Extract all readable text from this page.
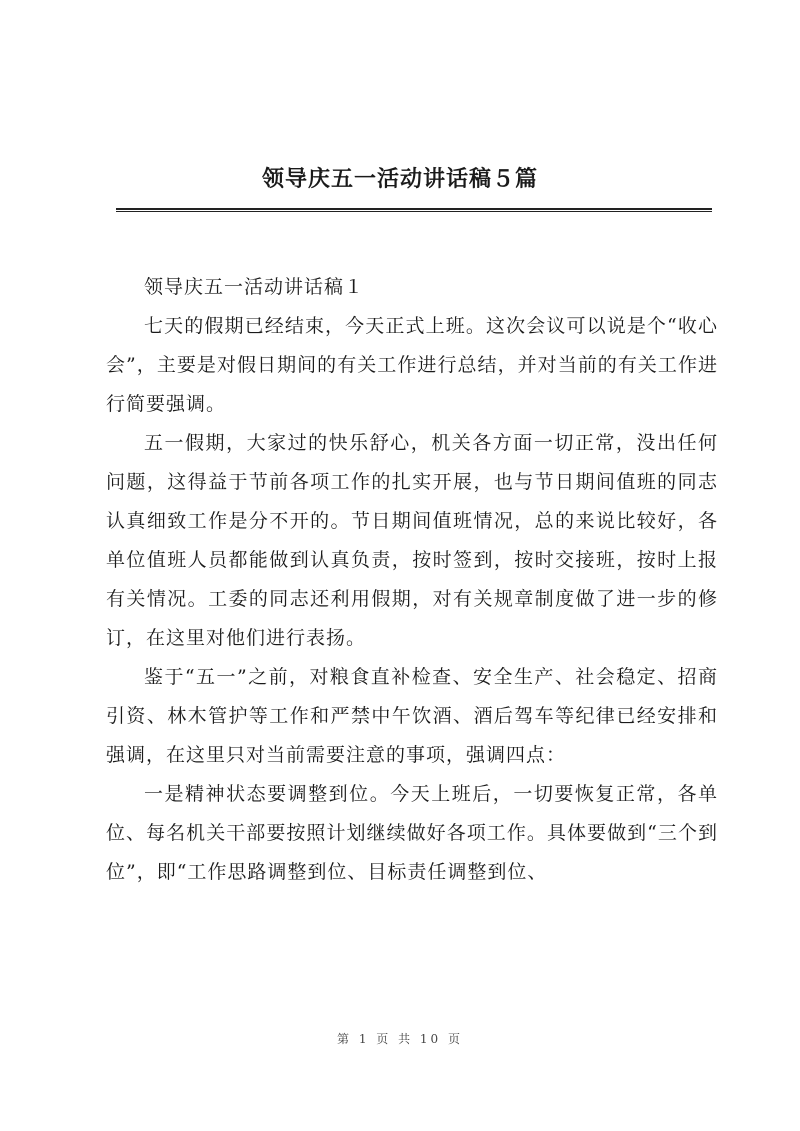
领导庆五一活动讲话稿５篇

领导庆五一活动讲话稿１

七天的假期已经结束，今天正式上班。这次会议可以说是个“收心会”，主要是对假日期间的有关工作进行总结，并对当前的有关工作进行简要强调。

五一假期，大家过的快乐舒心，机关各方面一切正常，没出任何问题，这得益于节前各项工作的扎实开展，也与节日期间值班的同志认真细致工作是分不开的。节日期间值班情况，总的来说比较好，各单位值班人员都能做到认真负责，按时签到，按时交接班，按时上报有关情况。工委的同志还利用假期，对有关规章制度做了进一步的修订，在这里对他们进行表扬。

鉴于“五一”之前，对粮食直补检查、安全生产、社会稳定、招商引资、林木管护等工作和严禁中午饮酒、酒后驾车等纪律已经安排和强调，在这里只对当前需要注意的事项，强调四点：

一是精神状态要调整到位。今天上班后，一切要恢复正常，各单位、每名机关干部要按照计划继续做好各项工作。具体要做到“三个到位”，即“工作思路调整到位、目标责任调整到位、

第 1 页 共 10 页
